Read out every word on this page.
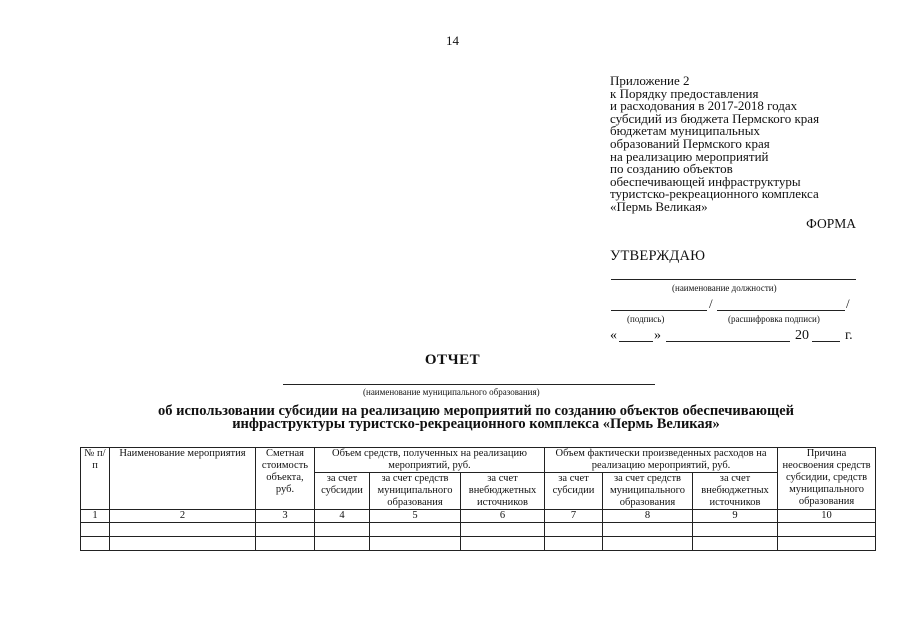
14
Приложение 2
к Порядку предоставления
и расходования в 2017-2018 годах
субсидий из бюджета Пермского края
бюджетам муниципальных
образований Пермского края
на реализацию мероприятий
по созданию объектов
обеспечивающей инфраструктуры
туристско-рекреационного комплекса
«Пермь Великая»
ФОРМА
УТВЕРЖДАЮ
(наименование должности)
/	/
(подпись)	(расшифровка подписи)
«	»	20	г.
ОТЧЕТ
(наименование муниципального образования)
об использовании субсидии на реализацию мероприятий по созданию объектов обеспечивающей
инфраструктуры туристско-рекреационного комплекса «Пермь Великая»
№ п/п	Наименование мероприятия	Сметная стоимость объекта, руб.	Объем средств, полученных на реализацию мероприятий, руб.			Объем фактически произведенных расходов на реализацию мероприятий, руб.			Причина неосвоения средств субсидии, средств муниципального образования
			за счет субсидии	за счет средств муниципального образования	за счет внебюджетных источников	за счет субсидии	за счет средств муниципального образования	за счет внебюджетных источников	
1	2	3	4	5	6	7	8	9	10
